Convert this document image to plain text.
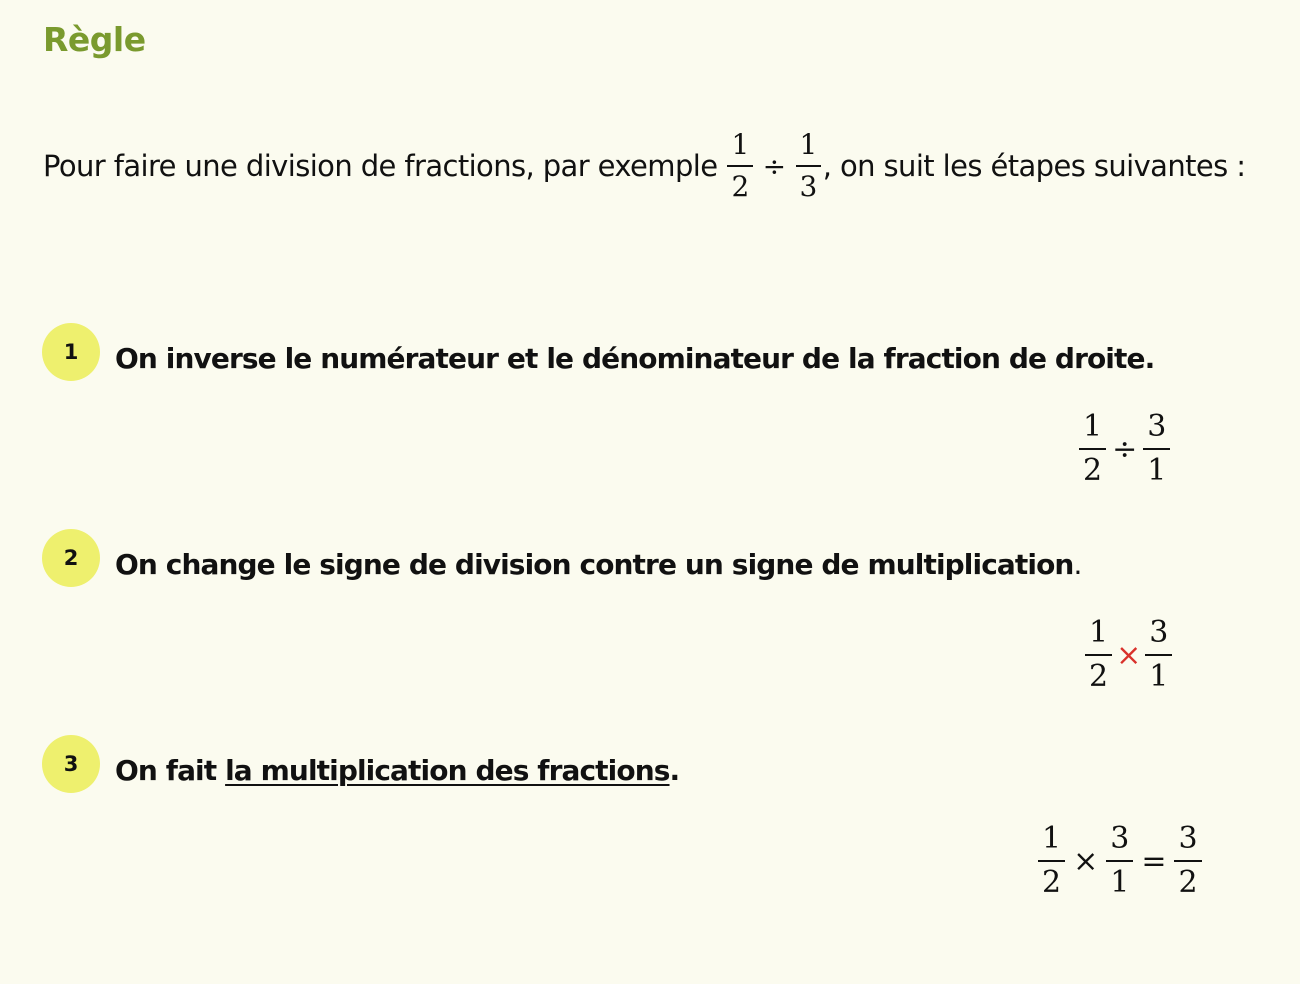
Règle
Pour faire une division de fractions, par exemple $\frac{1}{2} \div \frac{1}{3}$ , on suit les étapes suivantes :
1	On inverse le numérateur et le dénominateur de la fraction de droite.
$\frac{1}{2} \div \frac{3}{1}$
2	On change le signe de division contre un signe de multiplication.
$\frac{1}{2} \times \frac{3}{1}$
3	On fait la multiplication des fractions.
$\frac{1}{2} \times \frac{3}{1} = \frac{3}{2}$
